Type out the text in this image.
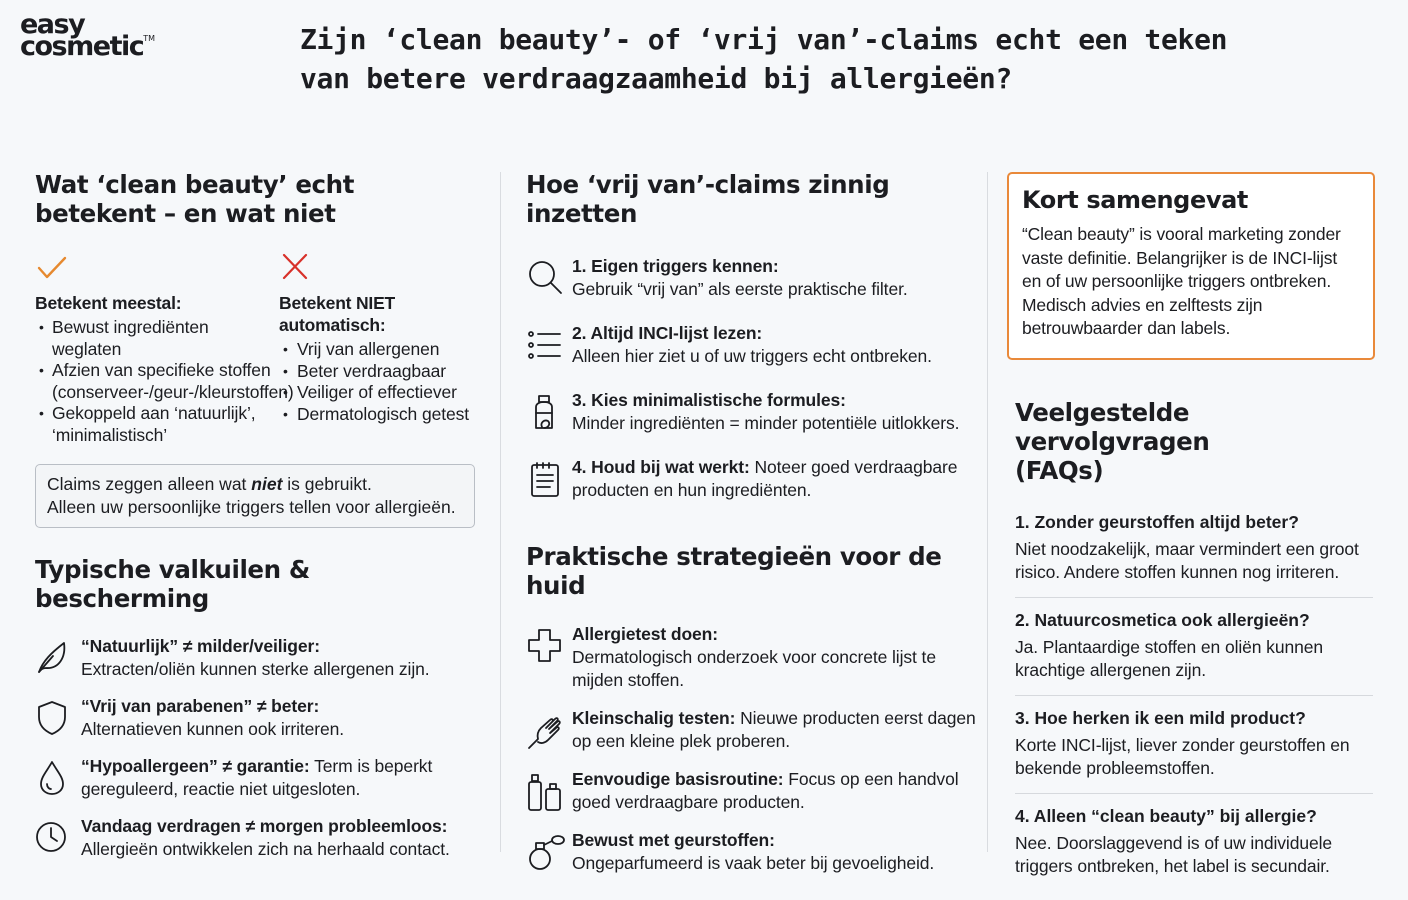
easy
cosmetic™	Zijn ‘clean beauty’- of ‘vrij van’-claims echt een teken
van betere verdraagzaamheid bij allergieën?
Wat ‘clean beauty’ echt
betekent – en wat niet
Betekent meestal:
• Bewust ingrediënten weglaten
• Afzien van specifieke stoffen (conserveer-/geur-/kleurstoffen)
• Gekoppeld aan ‘natuurlijk’, ‘minimalistisch’
Betekent NIET automatisch:
• Vrij van allergenen
• Beter verdraagbaar
• Veiliger of effectiever
• Dermatologisch getest
Claims zeggen alleen wat niet is gebruikt.
Alleen uw persoonlijke triggers tellen voor allergieën.
Typische valkuilen & bescherming
“Natuurlijk” ≠ milder/veiliger:
Extracten/oliën kunnen sterke allergenen zijn.
“Vrij van parabenen” ≠ beter:
Alternatieven kunnen ook irriteren.
“Hypoallergeen” ≠ garantie: Term is beperkt gereguleerd, reactie niet uitgesloten.
Vandaag verdragen ≠ morgen probleemloos:
Allergieën ontwikkelen zich na herhaald contact.
Hoe ‘vrij van’-claims zinnig
inzetten
1. Eigen triggers kennen:
Gebruik “vrij van” als eerste praktische filter.
2. Altijd INCI-lijst lezen:
Alleen hier ziet u of uw triggers echt ontbreken.
3. Kies minimalistische formules:
Minder ingrediënten = minder potentiële uitlokkers.
4. Houd bij wat werkt: Noteer goed verdraagbare producten en hun ingrediënten.
Praktische strategieën voor de huid
Allergietest doen:
Dermatologisch onderzoek voor concrete lijst te mijden stoffen.
Kleinschalig testen: Nieuwe producten eerst dagen op een kleine plek proberen.
Eenvoudige basisroutine: Focus op een handvol goed verdraagbare producten.
Bewust met geurstoffen:
Ongeparfumeerd is vaak beter bij gevoeligheid.
Kort samengevat

“Clean beauty” is vooral marketing zonder vaste definitie. Belangrijker is de INCI-lijst en of uw persoonlijke triggers ontbreken. Medisch advies en zelftests zijn betrouwbaarder dan labels.

Veelgestelde vervolgvragen
(FAQs)
1. Zonder geurstoffen altijd beter?
Niet noodzakelijk, maar vermindert een groot risico. Andere stoffen kunnen nog irriteren.
2. Natuurcosmetica ook allergieën?
Ja. Plantaardige stoffen en oliën kunnen krachtige allergenen zijn.
3. Hoe herken ik een mild product?
Korte INCI-lijst, liever zonder geurstoffen en bekende probleemstoffen.
4. Alleen “clean beauty” bij allergie?
Nee. Doorslaggevend is of uw individuele triggers ontbreken, het label is secundair.
